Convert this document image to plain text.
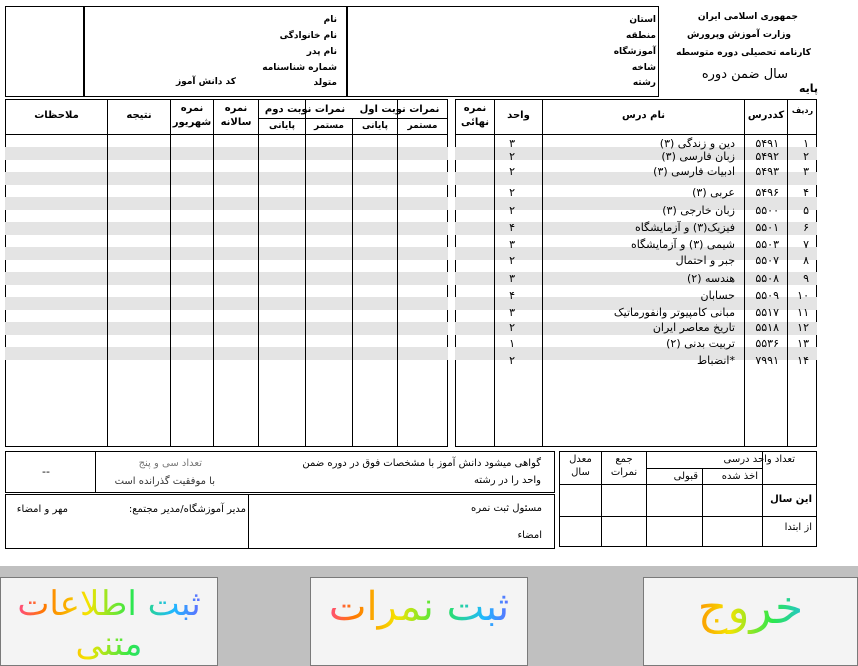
جمهوری اسلامی ایران
وزارت آموزش وپرورش
کارنامه تحصیلی دوره متوسطه
سال ضمن دوره
پایه
استان
منطقه
آموزشگاه
شاخه
رشته
نام
نام خانوادگی
نام پدر
شماره شناسنامه
متولد
کد دانش آموز
ردیف
کددرس
نام درس
واحد
نمره نهائی
نمرات نوبت اول
نمرات نوبت دوم
مستمر
پایانی
مستمر
پایانی
نمره سالانه
نمره شهریور
نتیجه
ملاحظات
۱
۵۴۹۱
دین و زندگی (۳)
۳
۲
۵۴۹۲
زبان فارسی (۳)
۲
۳
۵۴۹۳
ادبیات فارسی (۳)
۲
۴
۵۴۹۶
عربی (۳)
۲
۵
۵۵۰۰
زبان خارجی (۳)
۲
۶
۵۵۰۱
فیزیک(۳) و آزمایشگاه
۴
۷
۵۵۰۳
شیمی (۳) و آزمایشگاه
۳
۸
۵۵۰۷
جبر و احتمال
۲
۹
۵۵۰۸
هندسه (۲)
۳
۱۰
۵۵۰۹
حسابان
۴
۱۱
۵۵۱۷
مبانی کامپیوتر وانفورماتیک
۳
۱۲
۵۵۱۸
تاریخ معاصر ایران
۲
۱۳
۵۵۳۶
تربیت بدنی (۲)
۱
۱۴
۷۹۹۱
*انضباط
۲
گواهی میشود دانش آموز با مشخصات فوق در دوره ضمن
واحد را در رشته
تعداد سی و پنج
با موفقیت گذرانده است
--
مسئول ثبت نمره
امضاء
مدیر آموزشگاه/مدیر مجتمع:
مهر و امضاء
تعداد واحد درسی
اخذ شده
قبولی
جمع نمرات
معدل سال
این سال
از ابتدا
ثبت اطلاعات متنی
ثبت نمرات	خروج
